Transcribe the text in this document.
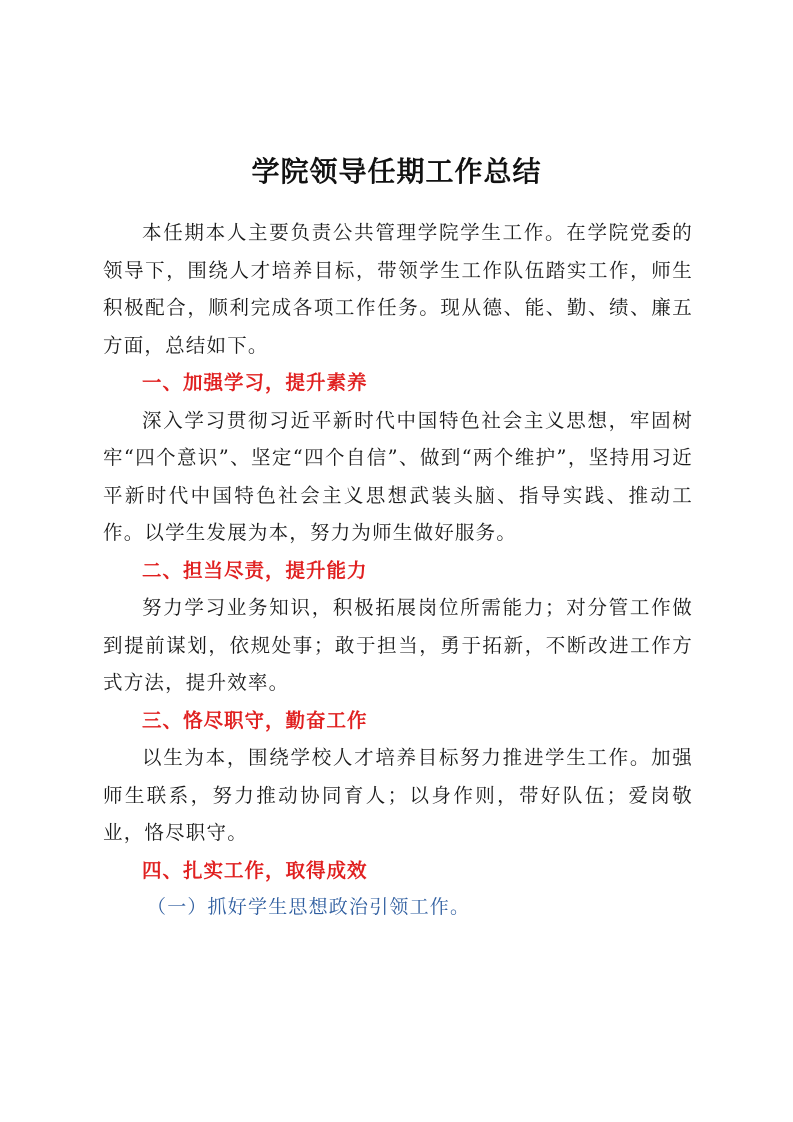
学院领导任期工作总结

本任期本人主要负责公共管理学院学生工作。在学院党委的领导下，围绕人才培养目标，带领学生工作队伍踏实工作，师生积极配合，顺利完成各项工作任务。现从德、能、勤、绩、廉五方面，总结如下。

一、加强学习，提升素养

深入学习贯彻习近平新时代中国特色社会主义思想，牢固树牢“四个意识”、坚定“四个自信”、做到“两个维护”，坚持用习近平新时代中国特色社会主义思想武装头脑、指导实践、推动工作。以学生发展为本，努力为师生做好服务。

二、担当尽责，提升能力

努力学习业务知识，积极拓展岗位所需能力；对分管工作做到提前谋划，依规处事；敢于担当，勇于拓新，不断改进工作方式方法，提升效率。

三、恪尽职守，勤奋工作

以生为本，围绕学校人才培养目标努力推进学生工作。加强师生联系，努力推动协同育人；以身作则，带好队伍；爱岗敬业，恪尽职守。

四、扎实工作，取得成效

（一）抓好学生思想政治引领工作。
